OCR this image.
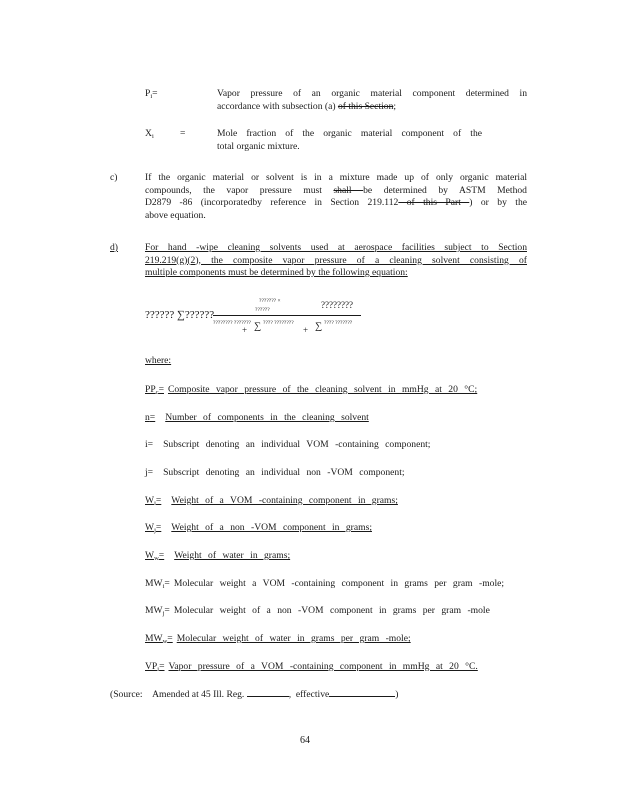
$P_i=$	Vapor pressure of an organic material component determined in
accordance with subsection (a) of this Section;
$X_i$	=	Mole fraction of the organic material component of the
total organic mixture.
c)	If the organic material or solvent is in a mixture made up of only organic material
compounds, the vapor pressure must shall be determined by ASTM Method
D2879 -86 (incorporatedby reference in Section 219.112 of this Part ) or by the
above equation.
d)	For hand -wipe cleaning solvents used at aerospace facilities subject to Section
219.219(g)(2), the composite vapor pressure of a cleaning solvent consisting of
multiple components must be determined by the following equation:
??????? ×
??????
?????? ∑??????
????????
???????? ???????
+ ∑ ???? ????????
+ ∑ ???? ???????
where:
$PP_c=$ Composite vapor pressure of the cleaning solvent in mmHg at 20 °C;
n= Number of components in the cleaning solvent
i= Subscript denoting an individual VOM -containing component;
j= Subscript denoting an individual non -VOM component;
$W_i=$ Weight of a VOM -containing component in grams;
$W_j=$ Weight of a non -VOM component in grams;
$W_w=$ Weight of water in grams;
$MW_i=$ Molecular weight a VOM -containing component in grams per gram -mole;
$MW_j=$ Molecular weight of a non -VOM component in grams per gram -mole
$MW_w=$ Molecular weight of water in grams per gram -mole;
$VP_i=$ Vapor pressure of a VOM -containing component in mmHg at 20 °C.
(Source: Amended at 45 Ill. Reg.	,  effective	)
64
